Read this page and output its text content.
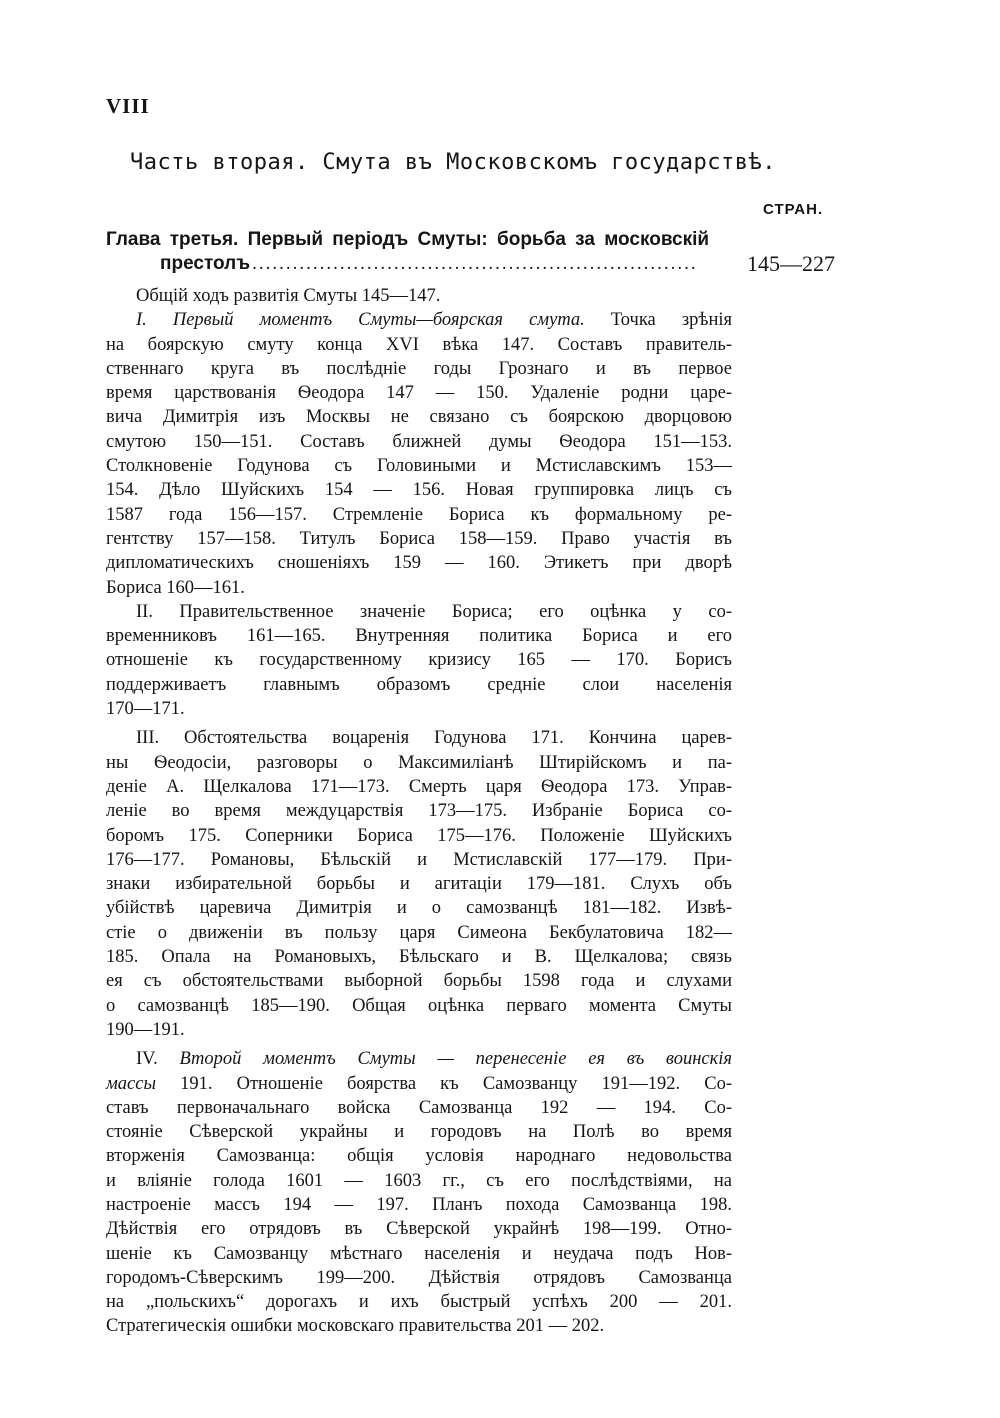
VIII
Часть вторая. Смута въ Московскомъ государствѣ.
СТРАН.
Глава третья. Первый періодъ Смуты: борьба за московскій
престолъ ..................................................................	145—227
Общій ходъ развитія Смуты 145—147.
I. Первый моментъ Смуты—боярская смута. Точка зрѣнія
на боярскую смуту конца XVI вѣка 147. Составъ правитель-
ственнаго круга въ послѣдніе годы Грознаго и въ первое
время царствованія Ѳеодора 147 — 150. Удаленіе родни царе-
вича Димитрія изъ Москвы не связано съ боярскою дворцовою
смутою 150—151. Составъ ближней думы Ѳеодора 151—153.
Столкновеніе Годунова съ Головиными и Мстиславскимъ 153—
154. Дѣло Шуйскихъ 154 — 156. Новая группировка лицъ съ
1587 года 156—157. Стремленіе Бориса къ формальному ре-
гентству 157—158. Титулъ Бориса 158—159. Право участія въ
дипломатическихъ сношеніяхъ 159 — 160. Этикетъ при дворѣ
Бориса 160—161.
II. Правительственное значеніе Бориса; его оцѣнка у со-
временниковъ 161—165. Внутренняя политика Бориса и его
отношеніе къ государственному кризису 165 — 170. Борисъ
поддерживаетъ главнымъ образомъ средніе слои населенія
170—171.
III. Обстоятельства воцаренія Годунова 171. Кончина царев-
ны Ѳеодосіи, разговоры о Максимиліанѣ Штирійскомъ и па-
деніе А. Щелкалова 171—173. Смерть царя Ѳеодора 173. Управ-
леніе во время междуцарствія 173—175. Избраніе Бориса со-
боромъ 175. Соперники Бориса 175—176. Положеніе Шуйскихъ
176—177. Романовы, Бѣльскій и Мстиславскій 177—179. При-
знаки избирательной борьбы и агитаціи 179—181. Слухъ объ
убійствѣ царевича Димитрія и о самозванцѣ 181—182. Извѣ-
стіе о движеніи въ пользу царя Симеона Бекбулатовича 182—
185. Опала на Романовыхъ, Бѣльскаго и В. Щелкалова; связь
ея съ обстоятельствами выборной борьбы 1598 года и слухами
о самозванцѣ 185—190. Общая оцѣнка перваго момента Смуты
190—191.
IV. Второй моментъ Смуты — перенесеніе ея въ воинскія
массы 191. Отношеніе боярства къ Самозванцу 191—192. Со-
ставъ первоначальнаго войска Самозванца 192 — 194. Со-
стояніе Сѣверской украйны и городовъ на Полѣ во время
вторженія Самозванца: общія условія народнаго недовольства
и вліяніе голода 1601 — 1603 гг., съ его послѣдствіями, на
настроеніе массъ 194 — 197. Планъ похода Самозванца 198.
Дѣйствія его отрядовъ въ Сѣверской украйнѣ 198—199. Отно-
шеніе къ Самозванцу мѣстнаго населенія и неудача подъ Нов-
городомъ-Сѣверскимъ 199—200. Дѣйствія отрядовъ Самозванца
на „польскихъ“ дорогахъ и ихъ быстрый успѣхъ 200 — 201.
Стратегическія ошибки московскаго правительства 201 — 202.
